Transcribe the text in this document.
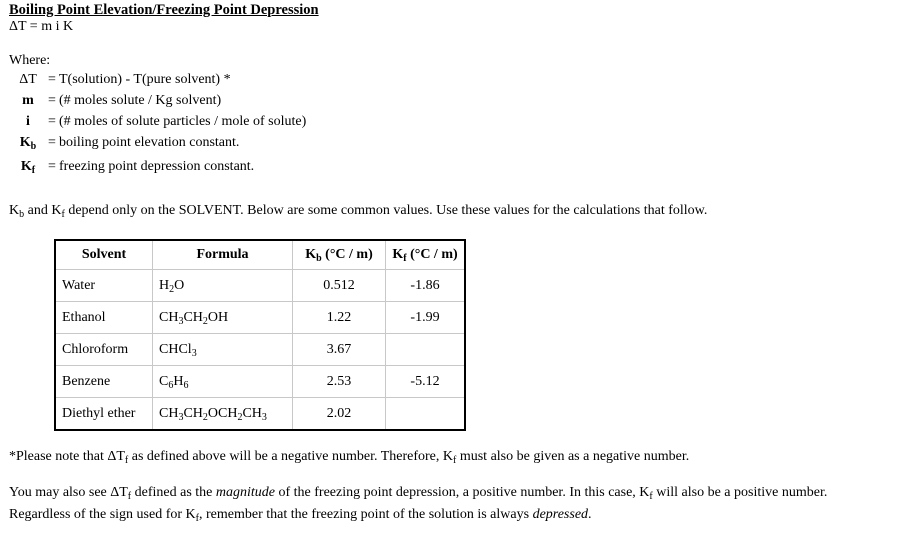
Boiling Point Elevation/Freezing Point Depression
ΔT = m i K
Where:
ΔT = T(solution) - T(pure solvent) *
m	= (# moles solute / Kg solvent)
i	= (# moles of solute particles / mole of solute)
$K_b$ = boiling point elevation constant.
$K_f$ = freezing point depression constant.
$K_b$ and $K_f$ depend only on the SOLVENT. Below are some common values. Use these values for the calculations that follow.
Solvent	Formula	$K_b$ (°C / m)	$K_f$ (°C / m)
Water	$H_2O$	0.512	-1.86
Ethanol	$CH_3CH_2OH$	1.22	-1.99
Chloroform	CHCl$_3$	3.67	
Benzene	$C_6H_6$	2.53	-5.12
Diethyl ether	$CH_3CH_2OCH_2CH_3$	2.02	
*Please note that $\Delta T_f$ as defined above will be a negative number. Therefore, $K_f$ must also be given as a negative number.
You may also see $\Delta T_f$ defined as the magnitude of the freezing point depression, a positive number. In this case, $K_f$ will also be a positive number.
Regardless of the sign used for $K_f$, remember that the freezing point of the solution is always depressed.
